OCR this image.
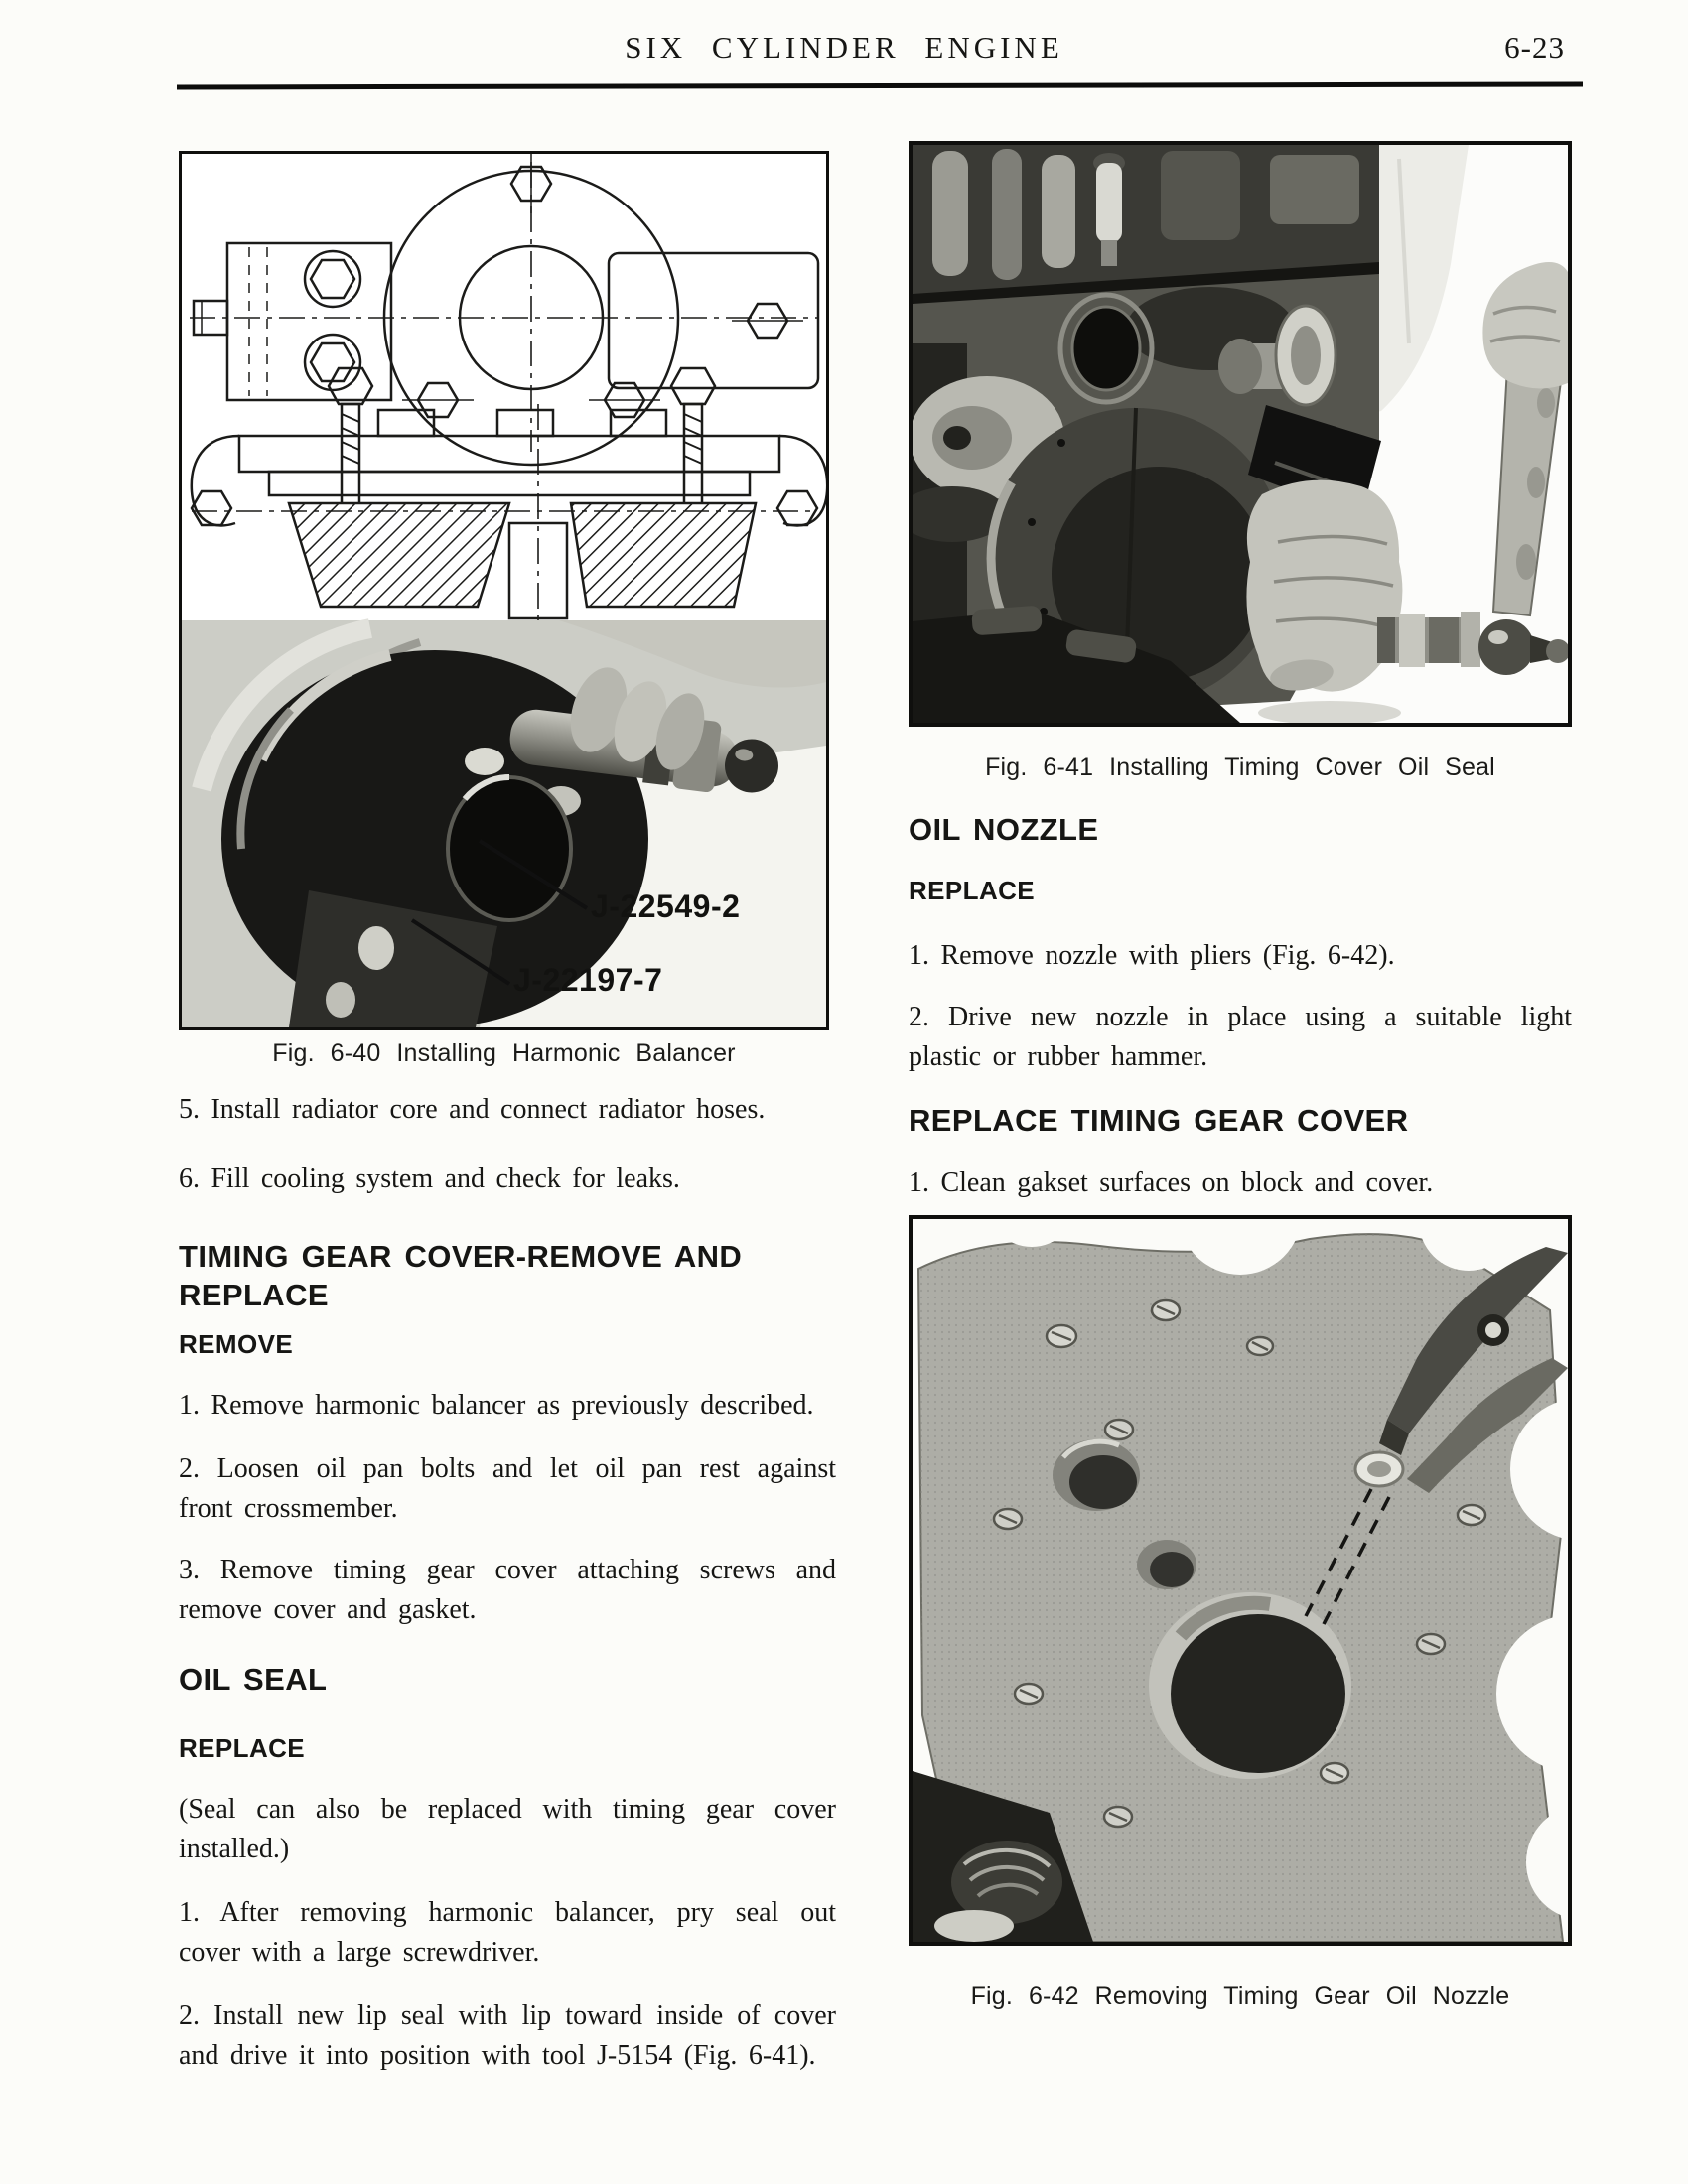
SIX CYLINDER ENGINE	6-23
J-22549-2
J-22197-7
Fig. 6-40 Installing Harmonic Balancer
Fig. 6-41 Installing Timing Cover Oil Seal
Fig. 6-42 Removing Timing Gear Oil Nozzle

5. Install radiator core and connect radiator hoses.

6. Fill cooling system and check for leaks.

TIMING GEAR COVER-REMOVE AND REPLACE
REMOVE

1. Remove harmonic balancer as previously described.

2. Loosen oil pan bolts and let oil pan rest against front crossmember.

3. Remove timing gear cover attaching screws and remove cover and gasket.

OIL SEAL
REPLACE

(Seal can also be replaced with timing gear cover installed.)

1. After removing harmonic balancer, pry seal out cover with a large screwdriver.

2. Install new lip seal with lip toward inside of cover and drive it into position with tool J-5154 (Fig. 6-41).

OIL NOZZLE
REPLACE

1. Remove nozzle with pliers (Fig. 6-42).

2. Drive new nozzle in place using a suitable light plastic or rubber hammer.

REPLACE TIMING GEAR COVER

1. Clean gakset surfaces on block and cover.
